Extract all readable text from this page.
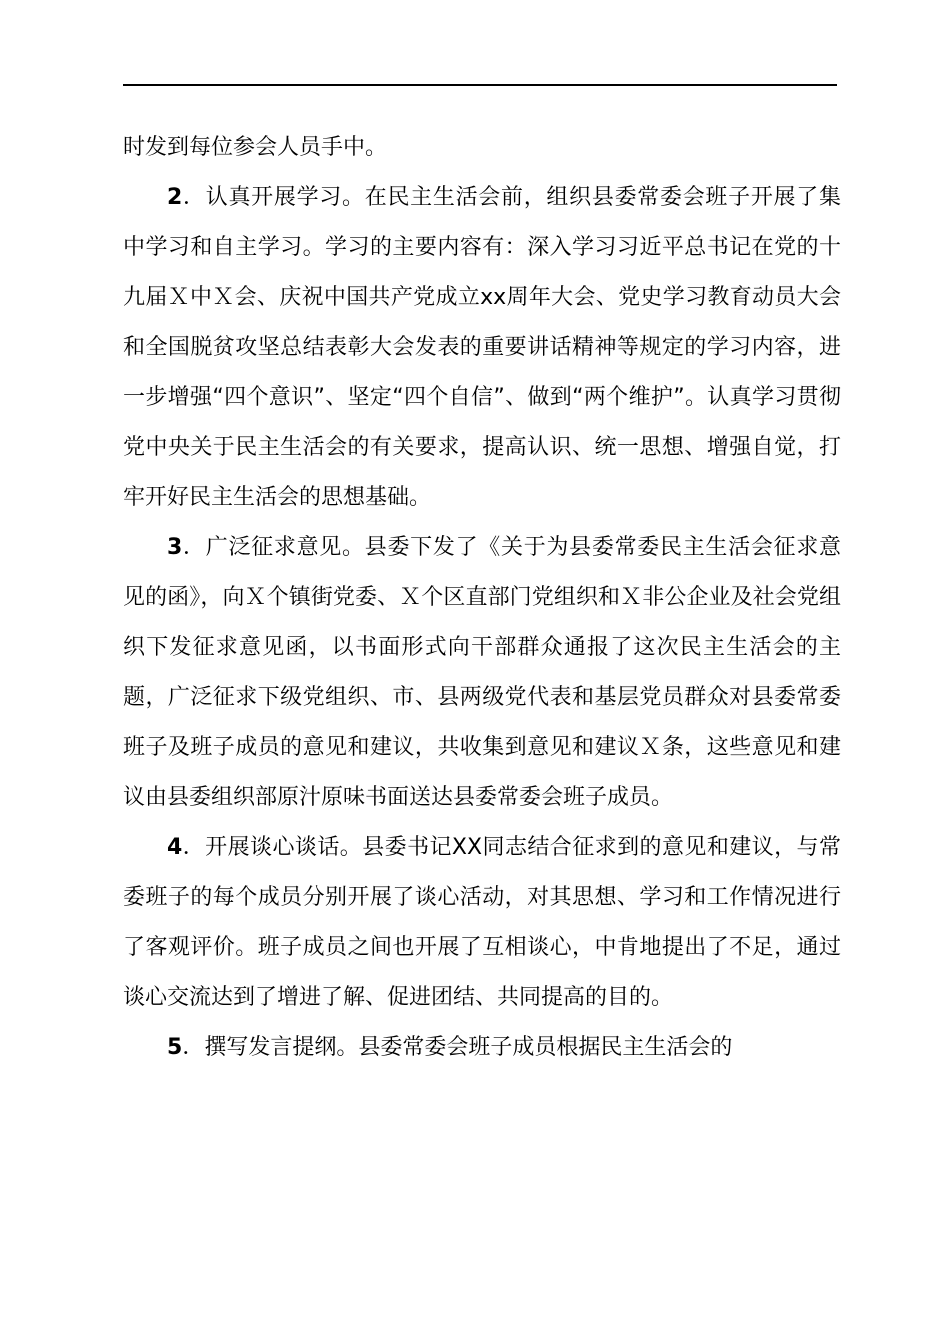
时发到每位参会人员手中。

2．认真开展学习。在民主生活会前，组织县委常委会班子开展了集中学习和自主学习。学习的主要内容有：深入学习习近平总书记在党的十九届Ｘ中Ｘ会、庆祝中国共产党成立xx周年大会、党史学习教育动员大会和全国脱贫攻坚总结表彰大会发表的重要讲话精神等规定的学习内容，进一步增强“四个意识”、坚定“四个自信”、做到“两个维护”。认真学习贯彻党中央关于民主生活会的有关要求，提高认识、统一思想、增强自觉，打牢开好民主生活会的思想基础。

3．广泛征求意见。县委下发了《关于为县委常委民主生活会征求意见的函》，向Ｘ个镇街党委、Ｘ个区直部门党组织和Ｘ非公企业及社会党组织下发征求意见函，以书面形式向干部群众通报了这次民主生活会的主题，广泛征求下级党组织、市、县两级党代表和基层党员群众对县委常委班子及班子成员的意见和建议，共收集到意见和建议Ｘ条，这些意见和建议由县委组织部原汁原味书面送达县委常委会班子成员。

4．开展谈心谈话。县委书记XX同志结合征求到的意见和建议，与常委班子的每个成员分别开展了谈心活动，对其思想、学习和工作情况进行了客观评价。班子成员之间也开展了互相谈心，中肯地提出了不足，通过谈心交流达到了增进了解、促进团结、共同提高的目的。

5．撰写发言提纲。县委常委会班子成员根据民主生活会的
